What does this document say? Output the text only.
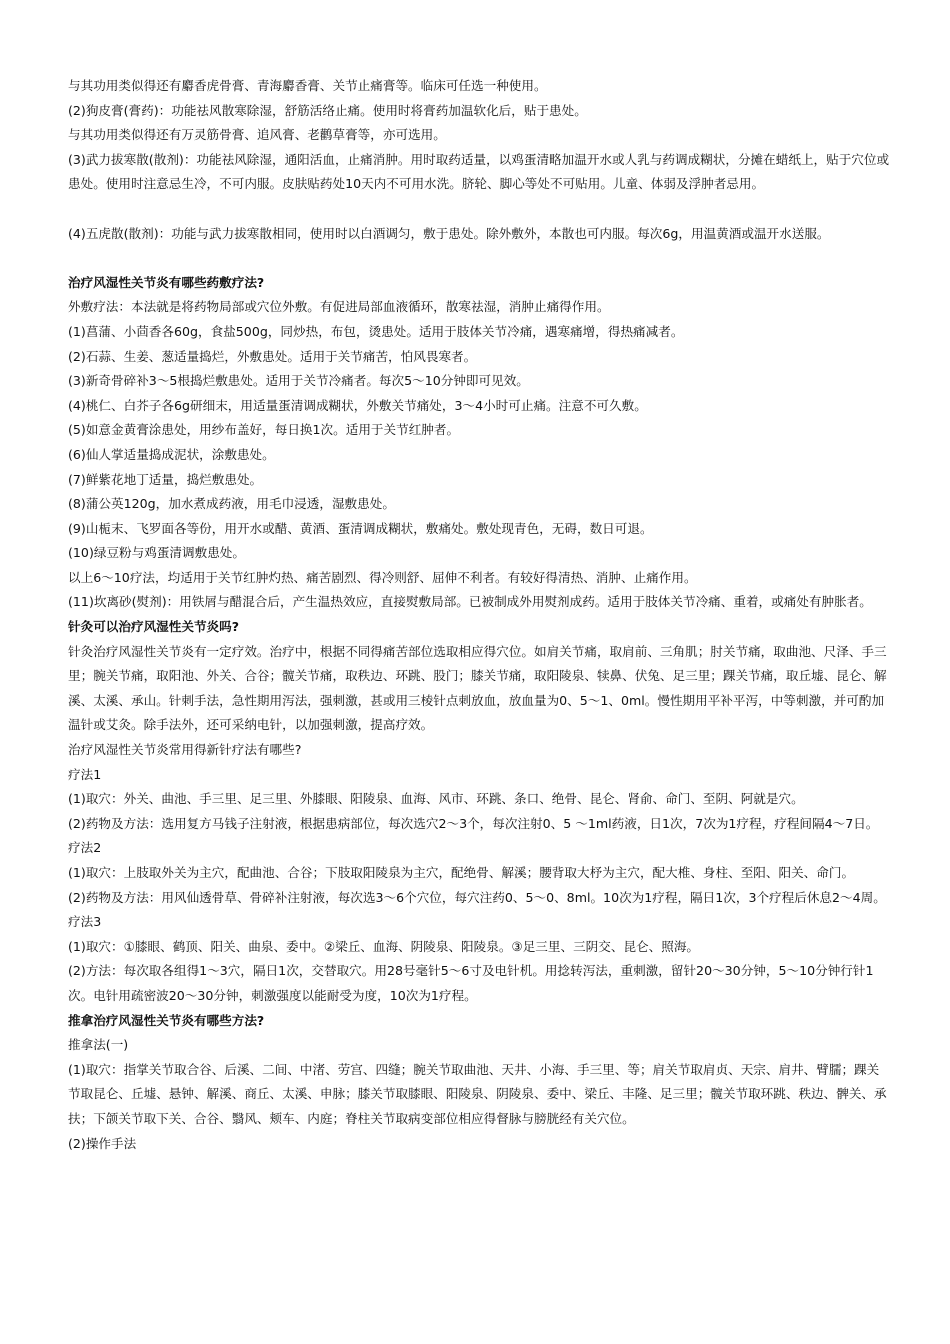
与其功用类似得还有麝香虎骨膏、青海麝香膏、关节止痛膏等。临床可任选一种使用。

(2)狗皮膏(膏药)：功能祛风散寒除湿，舒筋活络止痛。使用时将膏药加温软化后，贴于患处。

与其功用类似得还有万灵筋骨膏、追风膏、老鹳草膏等，亦可选用。

(3)武力拔寒散(散剂)：功能祛风除湿，通阳活血，止痛消肿。用时取药适量，以鸡蛋清略加温开水或人乳与药调成糊状，分摊在蜡纸上，贴于穴位或患处。使用时注意忌生冷，不可内服。皮肤贴药处10天内不可用水洗。脐轮、脚心等处不可贴用。儿童、体弱及浮肿者忌用。

(4)五虎散(散剂)：功能与武力拔寒散相同，使用时以白酒调匀，敷于患处。除外敷外，本散也可内服。每次6g，用温黄酒或温开水送服。

治疗风湿性关节炎有哪些药敷疗法?

外敷疗法：本法就是将药物局部或穴位外敷。有促进局部血液循环，散寒祛湿，消肿止痛得作用。

(1)菖蒲、小茴香各60g，食盐500g，同炒热，布包，烫患处。适用于肢体关节冷痛，遇寒痛增，得热痛减者。

(2)石蒜、生姜、葱适量捣烂，外敷患处。适用于关节痛苦，怕风畏寒者。

(3)新奇骨碎补3～5根捣烂敷患处。适用于关节冷痛者。每次5～10分钟即可见效。

(4)桃仁、白芥子各6g研细末，用适量蛋清调成糊状，外敷关节痛处，3～4小时可止痛。注意不可久敷。

(5)如意金黄膏涂患处，用纱布盖好，每日换1次。适用于关节红肿者。

(6)仙人掌适量捣成泥状，涂敷患处。

(7)鲜紫花地丁适量，捣烂敷患处。

(8)蒲公英120g，加水煮成药液，用毛巾浸透，湿敷患处。

(9)山栀末、飞罗面各等份，用开水或醋、黄酒、蛋清调成糊状，敷痛处。敷处现青色，无碍，数日可退。

(10)绿豆粉与鸡蛋清调敷患处。

以上6～10疗法，均适用于关节红肿灼热、痛苦剧烈、得冷则舒、屈伸不利者。有较好得清热、消肿、止痛作用。

(11)坎离砂(熨剂)：用铁屑与醋混合后，产生温热效应，直接熨敷局部。已被制成外用熨剂成药。适用于肢体关节冷痛、重着，或痛处有肿胀者。

针灸可以治疗风湿性关节炎吗?

针灸治疗风湿性关节炎有一定疗效。治疗中，根据不同得痛苦部位选取相应得穴位。如肩关节痛，取肩前、三角肌；肘关节痛，取曲池、尺泽、手三里；腕关节痛，取阳池、外关、合谷；髋关节痛，取秩边、环跳、股门；膝关节痛，取阳陵泉、犊鼻、伏兔、足三里；踝关节痛，取丘墟、昆仑、解溪、太溪、承山。针刺手法，急性期用泻法，强刺激，甚或用三棱针点刺放血，放血量为0、5～1、0ml。慢性期用平补平泻，中等刺激，并可酌加温针或艾灸。除手法外，还可采纳电针，以加强刺激，提高疗效。

治疗风湿性关节炎常用得新针疗法有哪些?

疗法1

(1)取穴：外关、曲池、手三里、足三里、外膝眼、阳陵泉、血海、风市、环跳、条口、绝骨、昆仑、肾俞、命门、至阴、阿就是穴。

(2)药物及方法：选用复方马钱子注射液，根据患病部位，每次选穴2～3个，每次注射0、5 ～1ml药液，日1次，7次为1疗程，疗程间隔4～7日。

疗法2

(1)取穴：上肢取外关为主穴，配曲池、合谷；下肢取阳陵泉为主穴，配绝骨、解溪；腰背取大杼为主穴，配大椎、身柱、至阳、阳关、命门。

(2)药物及方法：用风仙透骨草、骨碎补注射液，每次选3～6个穴位，每穴注药0、5～0、8ml。10次为1疗程，隔日1次，3个疗程后休息2～4周。

疗法3

(1)取穴：①膝眼、鹤顶、阳关、曲泉、委中。②梁丘、血海、阴陵泉、阳陵泉。③足三里、三阴交、昆仑、照海。

(2)方法：每次取各组得1～3穴，隔日1次，交替取穴。用28号毫针5～6寸及电针机。用捻转泻法，重刺激，留针20～30分钟，5～10分钟行针1次。电针用疏密波20～30分钟，刺激强度以能耐受为度，10次为1疗程。

推拿治疗风湿性关节炎有哪些方法?

推拿法(一)

(1)取穴：指掌关节取合谷、后溪、二间、中渚、劳宫、四缝；腕关节取曲池、天井、小海、手三里、等；肩关节取肩贞、天宗、肩井、臂臑；踝关节取昆仑、丘墟、悬钟、解溪、商丘、太溪、申脉；膝关节取膝眼、阳陵泉、阴陵泉、委中、梁丘、丰隆、足三里；髋关节取环跳、秩边、髀关、承扶；下颌关节取下关、合谷、翳风、颊车、内庭；脊柱关节取病变部位相应得督脉与膀胱经有关穴位。

(2)操作手法
